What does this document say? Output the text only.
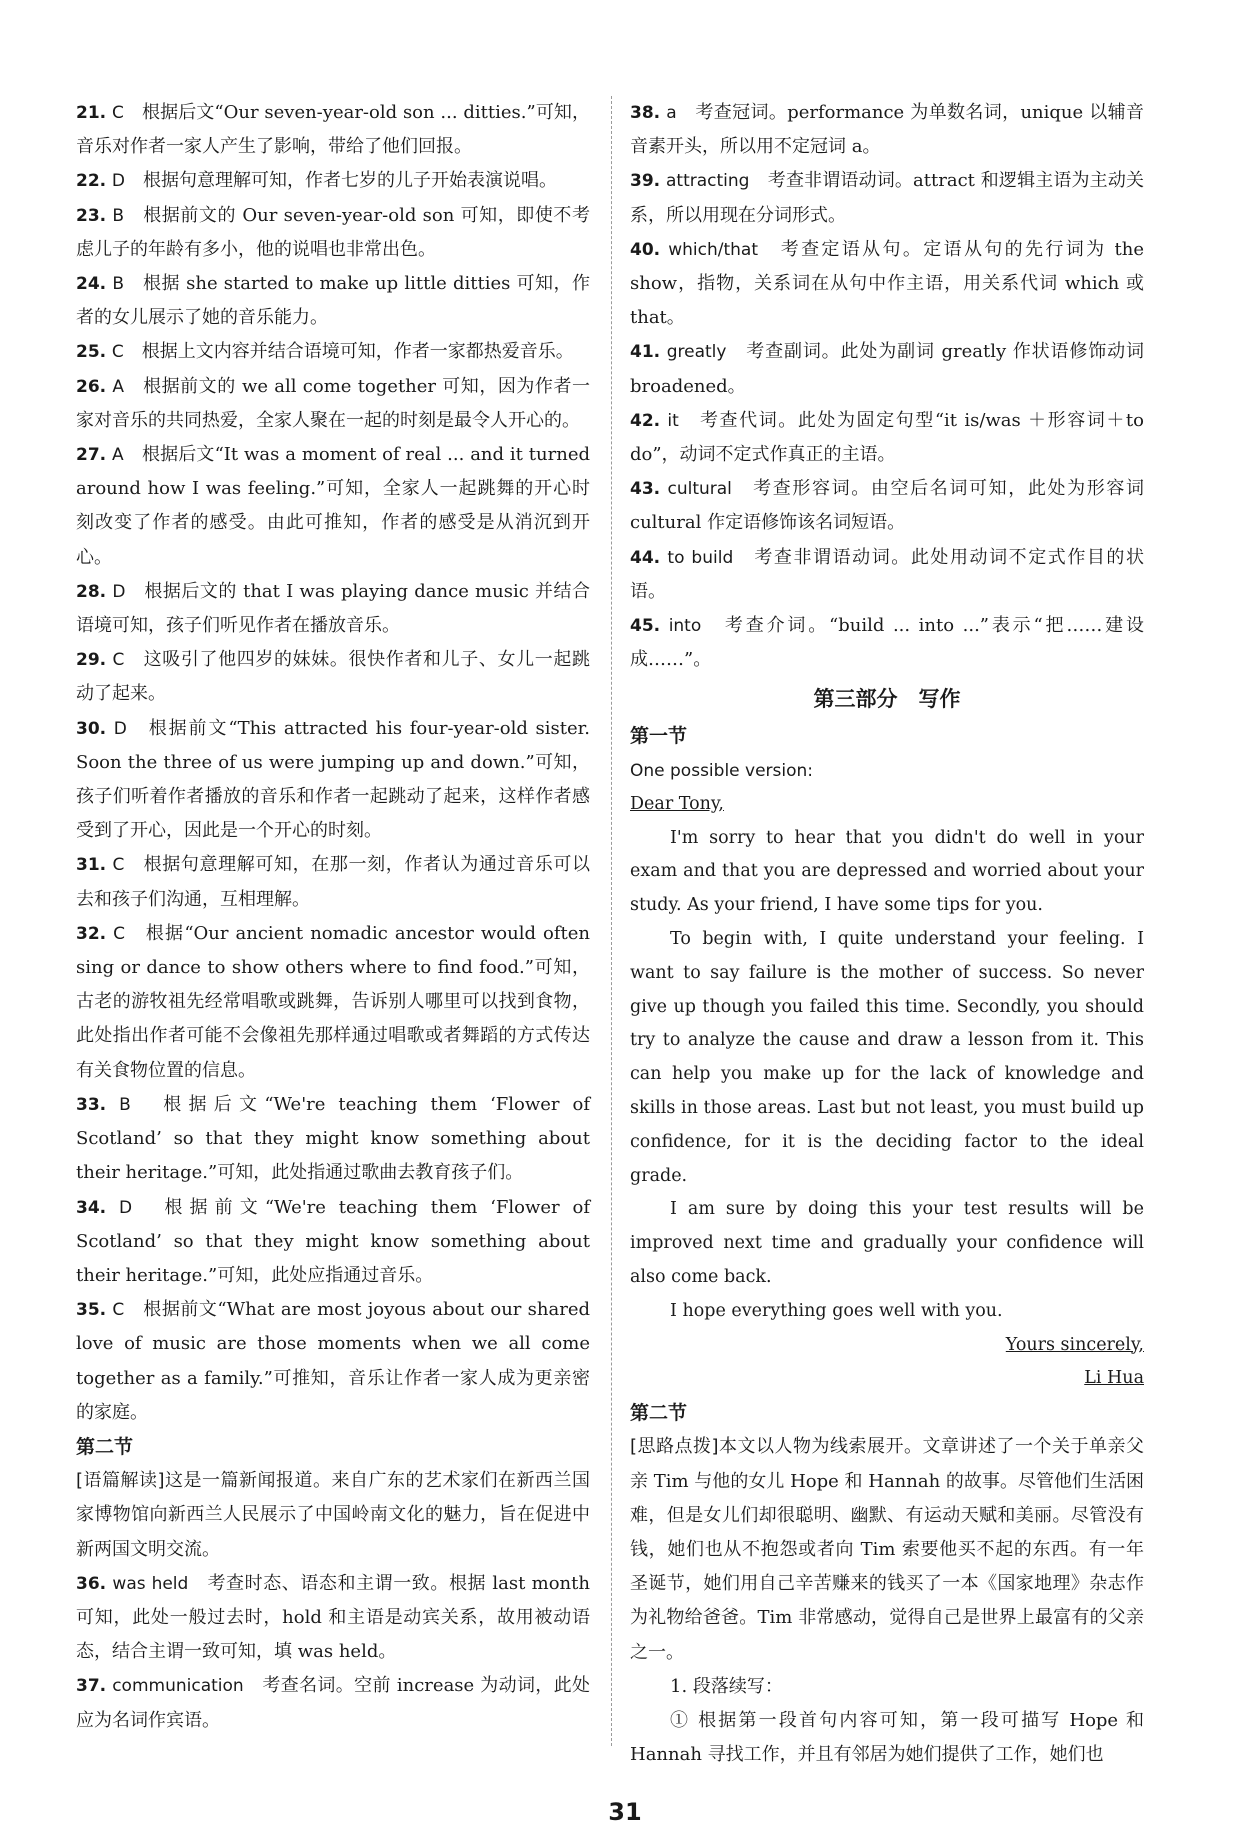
21. C　 根据后文“Our seven-year-old son ... ditties.”可知，音乐对作者一家人产生了影响，带给了他们回报。

22. D　 根据句意理解可知，作者七岁的儿子开始表演说唱。

23. B　 根据前文的 Our seven-year-old son 可知，即使不考虑儿子的年龄有多小，他的说唱也非常出色。

24. B　 根据 she started to make up little ditties 可知，作者的女儿展示了她的音乐能力。

25. C　 根据上文内容并结合语境可知，作者一家都热爱音乐。

26. A　 根据前文的 we all come together 可知，因为作者一家对音乐的共同热爱，全家人聚在一起的时刻是最令人开心的。

27. A　 根据后文“It was a moment of real ... and it turned around how I was feeling.”可知，全家人一起跳舞的开心时刻改变了作者的感受。由此可推知，作者的感受是从消沉到开心。

28. D　 根据后文的 that I was playing dance music 并结合语境可知，孩子们听见作者在播放音乐。

29. C　 这吸引了他四岁的妹妹。很快作者和儿子、女儿一起跳动了起来。

30. D　 根据前文“This attracted his four-year-old sister. Soon the three of us were jumping up and down.”可知，孩子们听着作者播放的音乐和作者一起跳动了起来，这样作者感受到了开心，因此是一个开心的时刻。

31. C　 根据句意理解可知，在那一刻，作者认为通过音乐可以去和孩子们沟通，互相理解。

32. C　 根据“Our ancient nomadic ancestor would often sing or dance to show others where to find food.”可知，古老的游牧祖先经常唱歌或跳舞，告诉别人哪里可以找到食物，此处指出作者可能不会像祖先那样通过唱歌或者舞蹈的方式传达有关食物位置的信息。

33. B　 根据后文“We're teaching them ‘Flower of Scotland’ so that they might know something about their heritage.”可知，此处指通过歌曲去教育孩子们。

34. D　 根据前文“We're teaching them ‘Flower of Scotland’ so that they might know something about their heritage.”可知，此处应指通过音乐。

35. C　 根据前文“What are most joyous about our shared love of music are those moments when we all come together as a family.”可推知，音乐让作者一家人成为更亲密的家庭。

第二节

[语篇解读]这是一篇新闻报道。来自广东的艺术家们在新西兰国家博物馆向新西兰人民展示了中国岭南文化的魅力，旨在促进中新两国文明交流。

36. was held　 考查时态、语态和主谓一致。根据 last month 可知，此处一般过去时，hold 和主语是动宾关系，故用被动语态，结合主谓一致可知，填 was held。

37. communication　 考查名词。空前 increase 为动词，此处应为名词作宾语。

38. a　 考查冠词。performance 为单数名词，unique 以辅音音素开头，所以用不定冠词 a。

39. attracting　 考查非谓语动词。attract 和逻辑主语为主动关系，所以用现在分词形式。

40. which/that　 考查定语从句。定语从句的先行词为 the show，指物，关系词在从句中作主语，用关系代词 which 或 that。

41. greatly　 考查副词。此处为副词 greatly 作状语修饰动词 broadened。

42. it　 考查代词。此处为固定句型“it is/was ＋形容词＋to do”，动词不定式作真正的主语。

43. cultural　 考查形容词。由空后名词可知，此处为形容词 cultural 作定语修饰该名词短语。

44. to build　 考查非谓语动词。此处用动词不定式作目的状语。

45. into　 考查介词。“build ... into ...”表示“把……建设成……”。

第三部分　写作

第一节

One possible version:

Dear Tony,

I'm sorry to hear that you didn't do well in your exam and that you are depressed and worried about your study. As your friend, I have some tips for you.

To begin with, I quite understand your feeling. I want to say failure is the mother of success. So never give up though you failed this time. Secondly, you should try to analyze the cause and draw a lesson from it. This can help you make up for the lack of knowledge and skills in those areas. Last but not least, you must build up confidence, for it is the deciding factor to the ideal grade.

I am sure by doing this your test results will be improved next time and gradually your confidence will also come back.

I hope everything goes well with you.

Yours sincerely,

Li Hua

第二节

[思路点拨]本文以人物为线索展开。文章讲述了一个关于单亲父亲 Tim 与他的女儿 Hope 和 Hannah 的故事。尽管他们生活困难，但是女儿们却很聪明、幽默、有运动天赋和美丽。尽管没有钱，她们也从不抱怨或者向 Tim 索要他买不起的东西。有一年圣诞节，她们用自己辛苦赚来的钱买了一本《国家地理》杂志作为礼物给爸爸。Tim 非常感动，觉得自己是世界上最富有的父亲之一。

1. 段落续写：

① 根据第一段首句内容可知，第一段可描写 Hope 和 Hannah 寻找工作，并且有邻居为她们提供了工作，她们也

31
